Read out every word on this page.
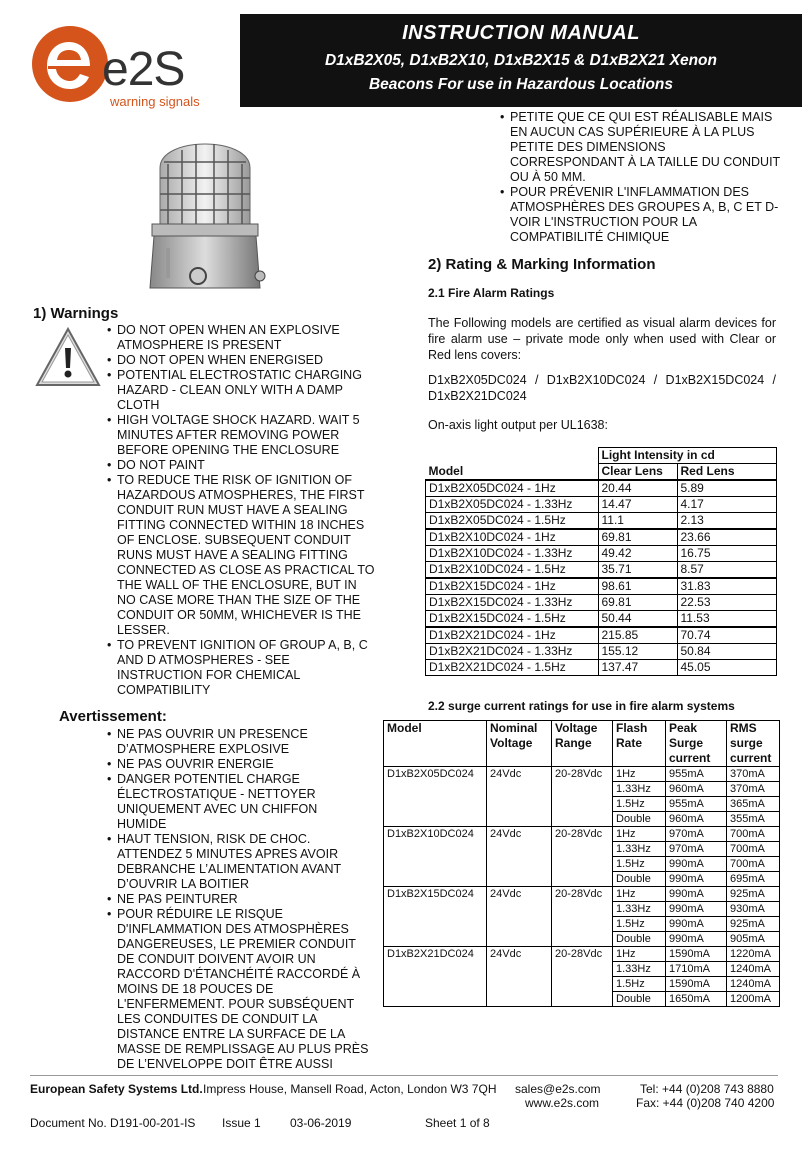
e2S
warning signals
INSTRUCTION MANUAL
D1xB2X05, D1xB2X10, D1xB2X15 & D1xB2X21 Xenon
Beacons For use in Hazardous Locations
• PETITE QUE CE QUI EST RÉALISABLE MAIS EN AUCUN CAS SUPÉRIEURE À LA PLUS PETITE DES DIMENSIONS CORRESPONDANT À LA TAILLE DU CONDUIT OU À 50 MM.
• POUR PRÉVENIR L'INFLAMMATION DES ATMOSPHÈRES DES GROUPES A, B, C ET D-VOIR L'INSTRUCTION POUR LA COMPATIBILITÉ CHIMIQUE
1) Warnings
• DO NOT OPEN WHEN AN EXPLOSIVE ATMOSPHERE IS PRESENT
• DO NOT OPEN WHEN ENERGISED
• POTENTIAL ELECTROSTATIC CHARGING HAZARD - CLEAN ONLY WITH A DAMP CLOTH
• HIGH VOLTAGE SHOCK HAZARD. WAIT 5 MINUTES AFTER REMOVING POWER BEFORE OPENING THE ENCLOSURE
• DO NOT PAINT
• TO REDUCE THE RISK OF IGNITION OF HAZARDOUS ATMOSPHERES, THE FIRST CONDUIT RUN MUST HAVE A SEALING FITTING CONNECTED WITHIN 18 INCHES OF ENCLOSE. SUBSEQUENT CONDUIT RUNS MUST HAVE A SEALING FITTING CONNECTED AS CLOSE AS PRACTICAL TO THE WALL OF THE ENCLOSURE, BUT IN NO CASE MORE THAN THE SIZE OF THE CONDUIT OR 50MM, WHICHEVER IS THE LESSER.
• TO PREVENT IGNITION OF GROUP A, B, C AND D ATMOSPHERES - SEE INSTRUCTION FOR CHEMICAL COMPATIBILITY
Avertissement:
• NE PAS OUVRIR UN PRESENCE D’ATMOSPHERE EXPLOSIVE
• NE PAS OUVRIR ENERGIE
• DANGER POTENTIEL CHARGE ÉLECTROSTATIQUE - NETTOYER UNIQUEMENT AVEC UN CHIFFON HUMIDE
• HAUT TENSION, RISK DE CHOC. ATTENDEZ 5 MINUTES APRES AVOIR DEBRANCHE L’ALIMENTATION AVANT D’OUVRIR LA BOITIER
• NE PAS PEINTURER
• POUR RÉDUIRE LE RISQUE D'INFLAMMATION DES ATMOSPHÈRES DANGEREUSES, LE PREMIER CONDUIT DE CONDUIT DOIVENT AVOIR UN RACCORD D'ÉTANCHÉITÉ RACCORDÉ À MOINS DE 18 POUCES DE L'ENFERMEMENT. POUR SUBSÉQUENT LES CONDUITES DE CONDUIT LA DISTANCE ENTRE LA SURFACE DE LA MASSE DE REMPLISSAGE AU PLUS PRÈS DE L’ENVELOPPE DOIT ÊTRE AUSSI
2) Rating & Marking Information
2.1 Fire Alarm Ratings
The Following models are certified as visual alarm devices for fire alarm use – private mode only when used with Clear or Red lens covers:
D1xB2X05DC024 / D1xB2X10DC024 / D1xB2X15DC024 / D1xB2X21DC024
On-axis light output per UL1638:
Model	Light Intensity in cd	
	Clear Lens	Red Lens
D1xB2X05DC024 - 1Hz	20.44	5.89
D1xB2X05DC024 - 1.33Hz	14.47	4.17
D1xB2X05DC024 - 1.5Hz	11.1	2.13
D1xB2X10DC024 - 1Hz	69.81	23.66
D1xB2X10DC024 - 1.33Hz	49.42	16.75
D1xB2X10DC024 - 1.5Hz	35.71	8.57
D1xB2X15DC024 - 1Hz	98.61	31.83
D1xB2X15DC024 - 1.33Hz	69.81	22.53
D1xB2X15DC024 - 1.5Hz	50.44	11.53
D1xB2X21DC024 - 1Hz	215.85	70.74
D1xB2X21DC024 - 1.33Hz	155.12	50.84
D1xB2X21DC024 - 1.5Hz	137.47	45.05
2.2 surge current ratings for use in fire alarm systems
Model	Nominal Voltage	Voltage Range	Flash Rate	Peak Surge current	RMS surge current
D1xB2X05DC024	24Vdc	20-28Vdc	1Hz	955mA	370mA
			1.33Hz	960mA	370mA
			1.5Hz	955mA	365mA
			Double	960mA	355mA
D1xB2X10DC024	24Vdc	20-28Vdc	1Hz	970mA	700mA
			1.33Hz	970mA	700mA
			1.5Hz	990mA	700mA
			Double	990mA	695mA
D1xB2X15DC024	24Vdc	20-28Vdc	1Hz	990mA	925mA
			1.33Hz	990mA	930mA
			1.5Hz	990mA	925mA
			Double	990mA	905mA
D1xB2X21DC024	24Vdc	20-28Vdc	1Hz	1590mA	1220mA
			1.33Hz	1710mA	1240mA
			1.5Hz	1590mA	1240mA
			Double	1650mA	1200mA
European Safety Systems Ltd. Impress House, Mansell Road, Acton, London W3 7QH sales@e2s.com
www.e2s.com
Tel: +44 (0)208 743 8880
Fax: +44 (0)208 740 4200
Document No. D191-00-201-IS Issue 1 03-06-2019	Sheet 1 of 8
